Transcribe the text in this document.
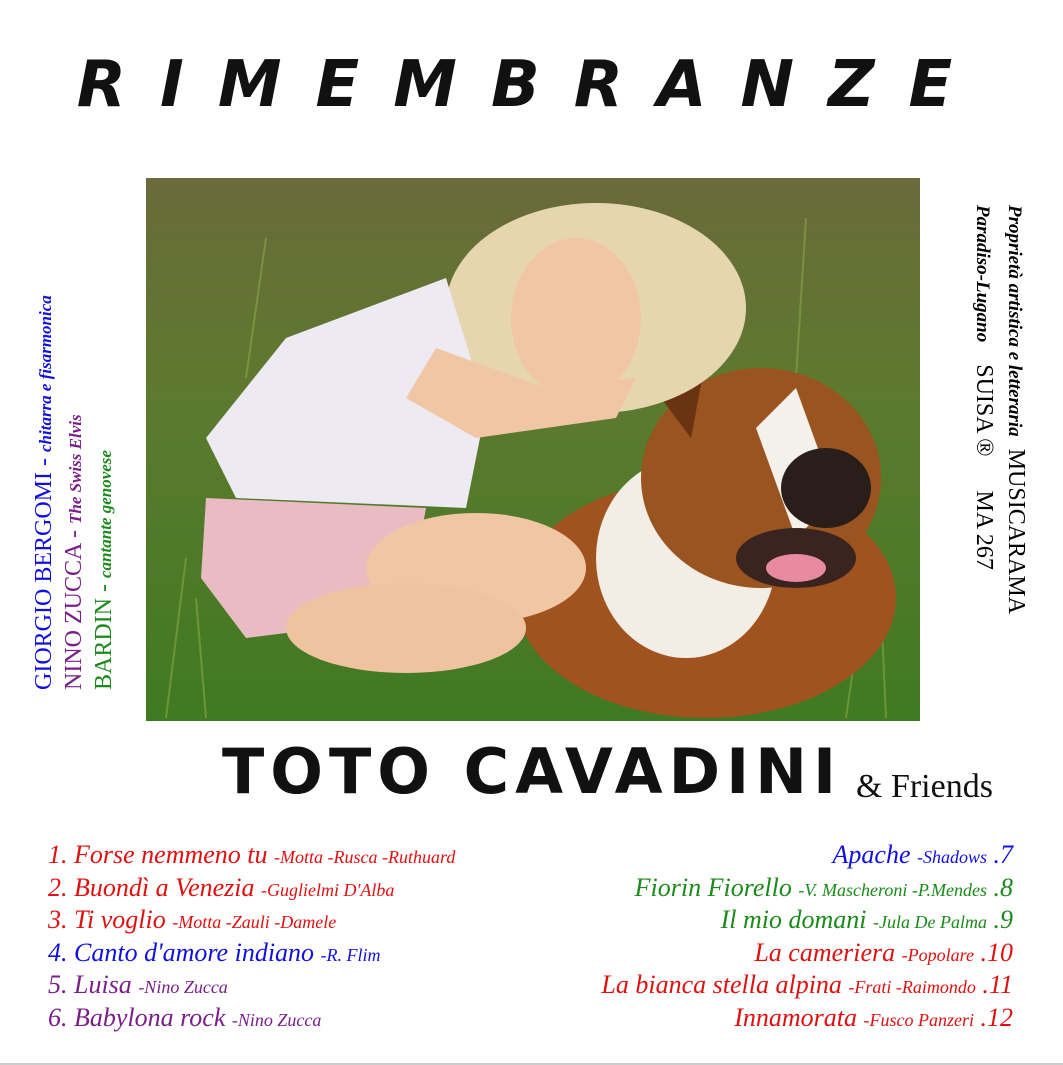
RIMEMBRANZE
GIORGIO BERGOMI - chitarra e fisarmonica
NINO ZUCCA - The Swiss Elvis
BARDIN - cantante genovese
Proprietà artistica e letteraria MUSICARAMA
Paradiso-Lugano SUISA ® MA 267
TOTO CAVADINI & Friends
1. Forse nemmeno tu -Motta -Rusca -Ruthuard
2. Buondì a Venezia -Guglielmi D'Alba
3. Ti voglio -Motta -Zauli -Damele
4. Canto d'amore indiano -R. Flim
5. Luisa -Nino Zucca
6. Babylona rock -Nino Zucca
Apache -Shadows .7
Fiorin Fiorello -V. Mascheroni -P.Mendes .8
Il mio domani -Jula De Palma .9
La cameriera -Popolare .10
La bianca stella alpina -Frati -Raimondo .11
Innamorata -Fusco Panzeri .12
